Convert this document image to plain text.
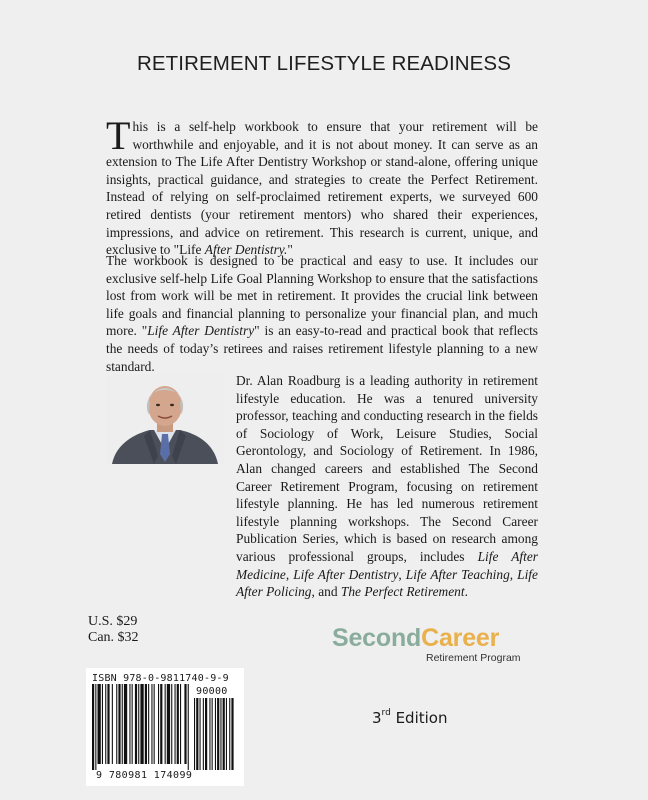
RETIREMENT LIFESTYLE READINESS
This is a self-help workbook to ensure that your retirement will be worthwhile and enjoyable, and it is not about money. It can serve as an extension to The Life After Dentistry Workshop or stand-alone, offering unique insights, practical guidance, and strategies to create the Perfect Retirement. Instead of relying on self-proclaimed retirement experts, we surveyed 600 retired dentists (your retirement mentors) who shared their experiences, impressions, and advice on retirement. This research is current, unique, and exclusive to "Life After Dentistry."
The workbook is designed to be practical and easy to use. It includes our exclusive self-help Life Goal Planning Workshop to ensure that the satisfactions lost from work will be met in retirement. It provides the crucial link between life goals and financial planning to personalize your financial plan, and much more. "Life After Dentistry" is an easy-to-read and practical book that reflects the needs of today’s retirees and raises retirement lifestyle planning to a new standard.
Dr. Alan Roadburg is a leading authority in retirement lifestyle education. He was a tenured university professor, teaching and conducting research in the fields of Sociology of Work, Leisure Studies, Social Gerontology, and Sociology of Retirement. In 1986, Alan changed careers and established The Second Career Retirement Program, focusing on retirement lifestyle planning. He has led numerous retirement lifestyle planning workshops. The Second Career Publication Series, which is based on research among various professional groups, includes Life After Medicine, Life After Dentistry, Life After Teaching, Life After Policing, and The Perfect Retirement.
U.S. $29
Can. $32	SecondCareer
Retirement Program
ISBN 978-0-9811740-9-9
90000
9 780981 174099
3rd Edition
